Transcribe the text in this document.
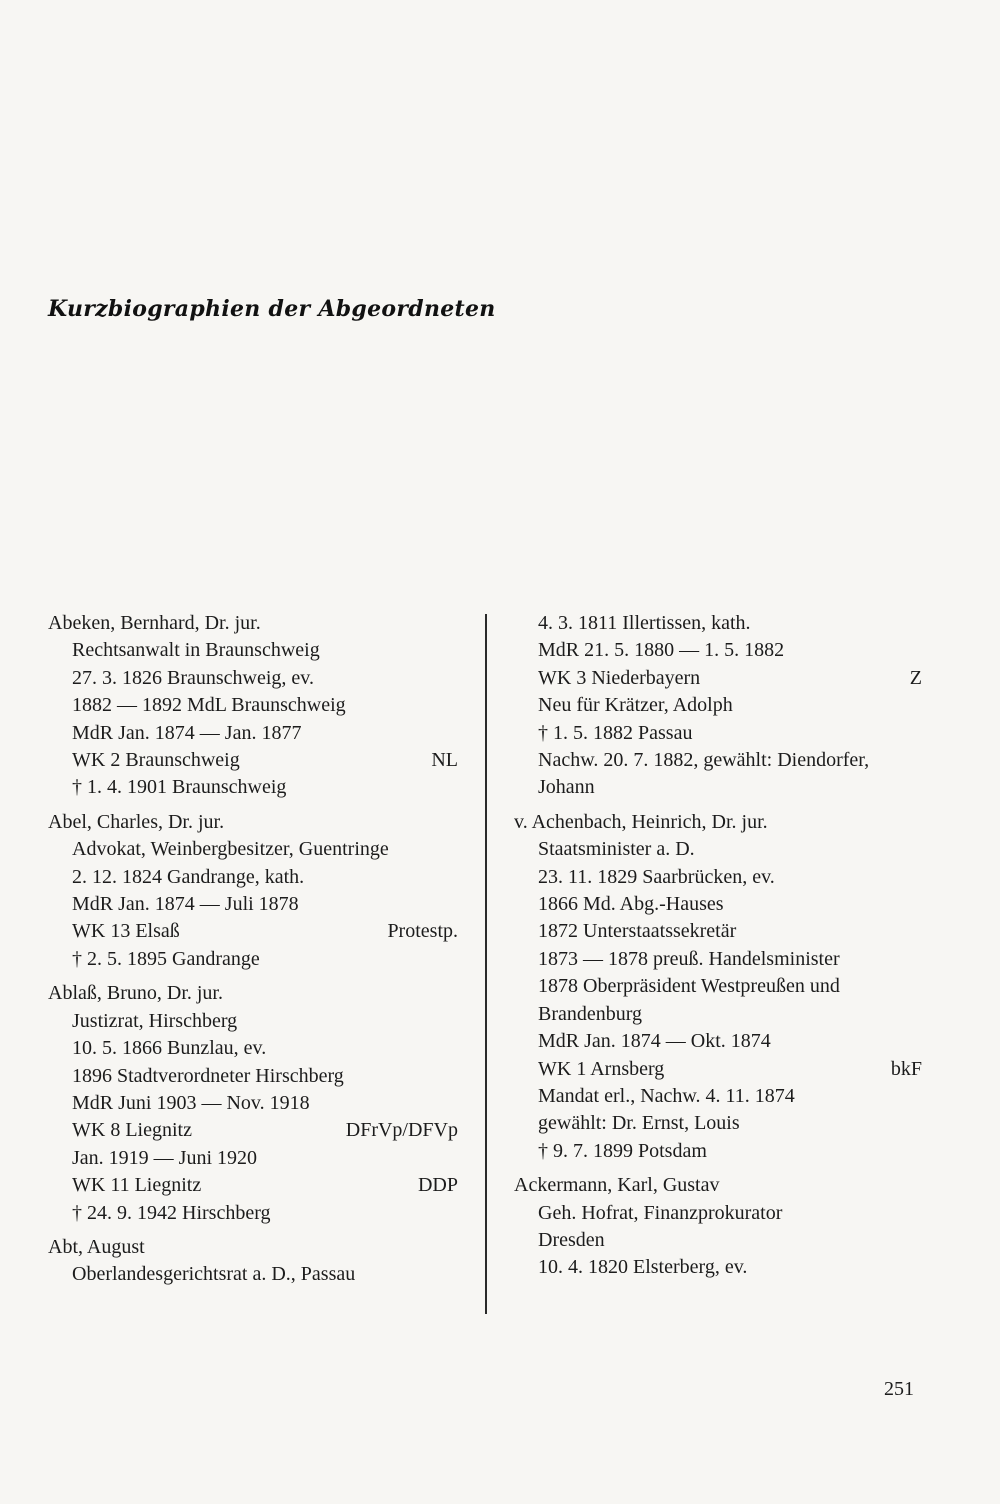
Kurzbiographien der Abgeordneten
Abeken, Bernhard, Dr. jur.
Rechtsanwalt in Braunschweig
27. 3. 1826 Braunschweig, ev.
1882 — 1892 MdL Braunschweig
MdR Jan. 1874 — Jan. 1877
WK 2 Braunschweig	NL
† 1. 4. 1901 Braunschweig
Abel, Charles, Dr. jur.
Advokat, Weinbergbesitzer, Guentringe
2. 12. 1824 Gandrange, kath.
MdR Jan. 1874 — Juli 1878
WK 13 Elsaß	Protestp.
† 2. 5. 1895 Gandrange
Ablaß, Bruno, Dr. jur.
Justizrat, Hirschberg
10. 5. 1866 Bunzlau, ev.
1896 Stadtverordneter Hirschberg
MdR Juni 1903 — Nov. 1918
WK 8 Liegnitz	DFrVp/DFVp
Jan. 1919 — Juni 1920
WK 11 Liegnitz	DDP
† 24. 9. 1942 Hirschberg
Abt, August
Oberlandesgerichtsrat a. D., Passau
4. 3. 1811 Illertissen, kath.
MdR 21. 5. 1880 — 1. 5. 1882
WK 3 Niederbayern	Z
Neu für Krätzer, Adolph
† 1. 5. 1882 Passau
Nachw. 20. 7. 1882, gewählt: Diendorfer,
Johann
v. Achenbach, Heinrich, Dr. jur.
Staatsminister a. D.
23. 11. 1829 Saarbrücken, ev.
1866 Md. Abg.-Hauses
1872 Unterstaatssekretär
1873 — 1878 preuß. Handelsminister
1878 Oberpräsident Westpreußen und
Brandenburg
MdR Jan. 1874 — Okt. 1874
WK 1 Arnsberg	bkF
Mandat erl., Nachw. 4. 11. 1874
gewählt: Dr. Ernst, Louis
† 9. 7. 1899 Potsdam
Ackermann, Karl, Gustav
Geh. Hofrat, Finanzprokurator
Dresden
10. 4. 1820 Elsterberg, ev.
251
